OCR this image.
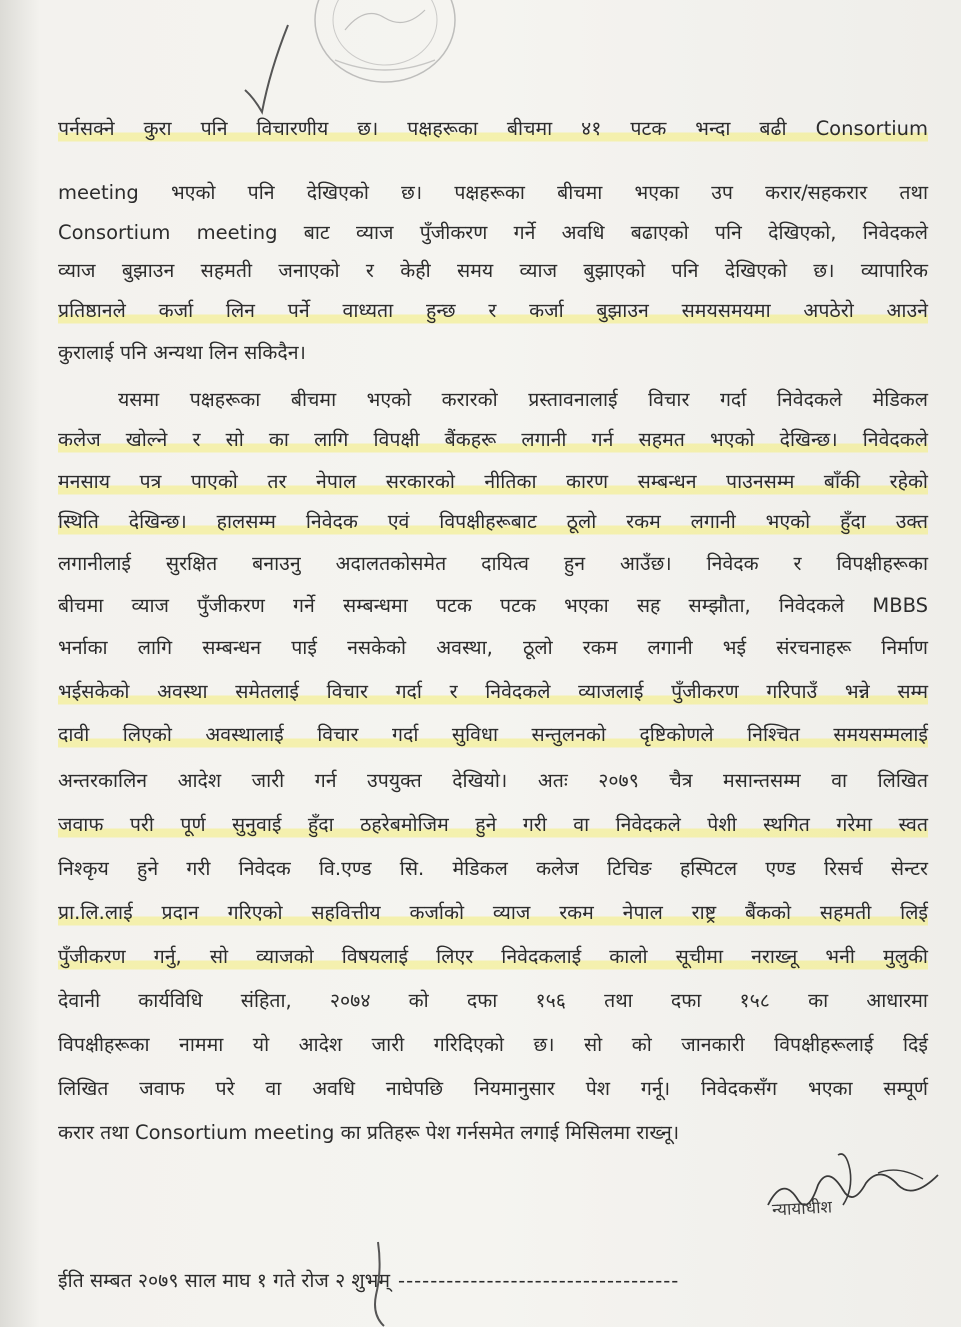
पर्नसक्ने कुरा पनि विचारणीय छ। पक्षहरूका बीचमा ४१ पटक भन्दा बढी Consortium
meeting भएको पनि देखिएको छ। पक्षहरूका बीचमा भएका उप करार/सहकरार तथा
Consortium meeting बाट व्याज पुँजीकरण गर्ने अवधि बढाएको पनि देखिएको, निवेदकले
व्याज बुझाउन सहमती जनाएको र केही समय व्याज बुझाएको पनि देखिएको छ। व्यापारिक
प्रतिष्ठानले कर्जा लिन पर्ने वाध्यता हुन्छ र कर्जा बुझाउन समयसमयमा अपठेरो आउने
कुरालाई पनि अन्यथा लिन सकिदैन।
यसमा पक्षहरूका बीचमा भएको करारको प्रस्तावनालाई विचार गर्दा निवेदकले मेडिकल
कलेज खोल्ने र सो का लागि विपक्षी बैंकहरू लगानी गर्न सहमत भएको देखिन्छ। निवेदकले
मनसाय पत्र पाएको तर नेपाल सरकारको नीतिका कारण सम्बन्धन पाउनसम्म बाँकी रहेको
स्थिति देखिन्छ। हालसम्म निवेदक एवं विपक्षीहरूबाट ठूलो रकम लगानी भएको हुँदा उक्त
लगानीलाई सुरक्षित बनाउनु अदालतकोसमेत दायित्व हुन आउँछ। निवेदक र विपक्षीहरूका
बीचमा व्याज पुँजीकरण गर्ने सम्बन्धमा पटक पटक भएका सह सम्झौता, निवेदकले MBBS
भर्नाका लागि सम्बन्धन पाई नसकेको अवस्था, ठूलो रकम लगानी भई संरचनाहरू निर्माण
भईसकेको अवस्था समेतलाई विचार गर्दा र निवेदकले व्याजलाई पुँजीकरण गरिपाउँ भन्ने सम्म
दावी लिएको अवस्थालाई विचार गर्दा सुविधा सन्तुलनको दृष्टिकोणले निश्चित समयसम्मलाई
अन्तरकालिन आदेश जारी गर्न उपयुक्त देखियो। अतः २०७९ चैत्र मसान्तसम्म वा लिखित
जवाफ परी पूर्ण सुनुवाई हुँदा ठहरेबमोजिम हुने गरी वा निवेदकले पेशी स्थगित गरेमा स्वत
निश्कृय हुने गरी निवेदक वि.एण्ड सि. मेडिकल कलेज टिचिङ हस्पिटल एण्ड रिसर्च सेन्टर
प्रा.लि.लाई प्रदान गरिएको सहवित्तीय कर्जाको व्याज रकम नेपाल राष्ट्र बैंकको सहमती लिई
पुँजीकरण गर्नु, सो व्याजको विषयलाई लिएर निवेदकलाई कालो सूचीमा नराख्नू भनी मुलुकी
देवानी कार्यविधि संहिता, २०७४ को दफा १५६ तथा दफा १५८ का आधारमा
विपक्षीहरूका नाममा यो आदेश जारी गरिदिएको छ। सो को जानकारी विपक्षीहरूलाई दिई
लिखित जवाफ परे वा अवधि नाघेपछि नियमानुसार पेश गर्नू। निवेदकसँग भएका सम्पूर्ण
करार तथा Consortium meeting का प्रतिहरू पेश गर्नसमेत लगाई मिसिलमा राख्नू।
न्यायाधीश
ईति सम्बत २०७९ साल माघ १ गते रोज २ शुभम् -----------------------------------
